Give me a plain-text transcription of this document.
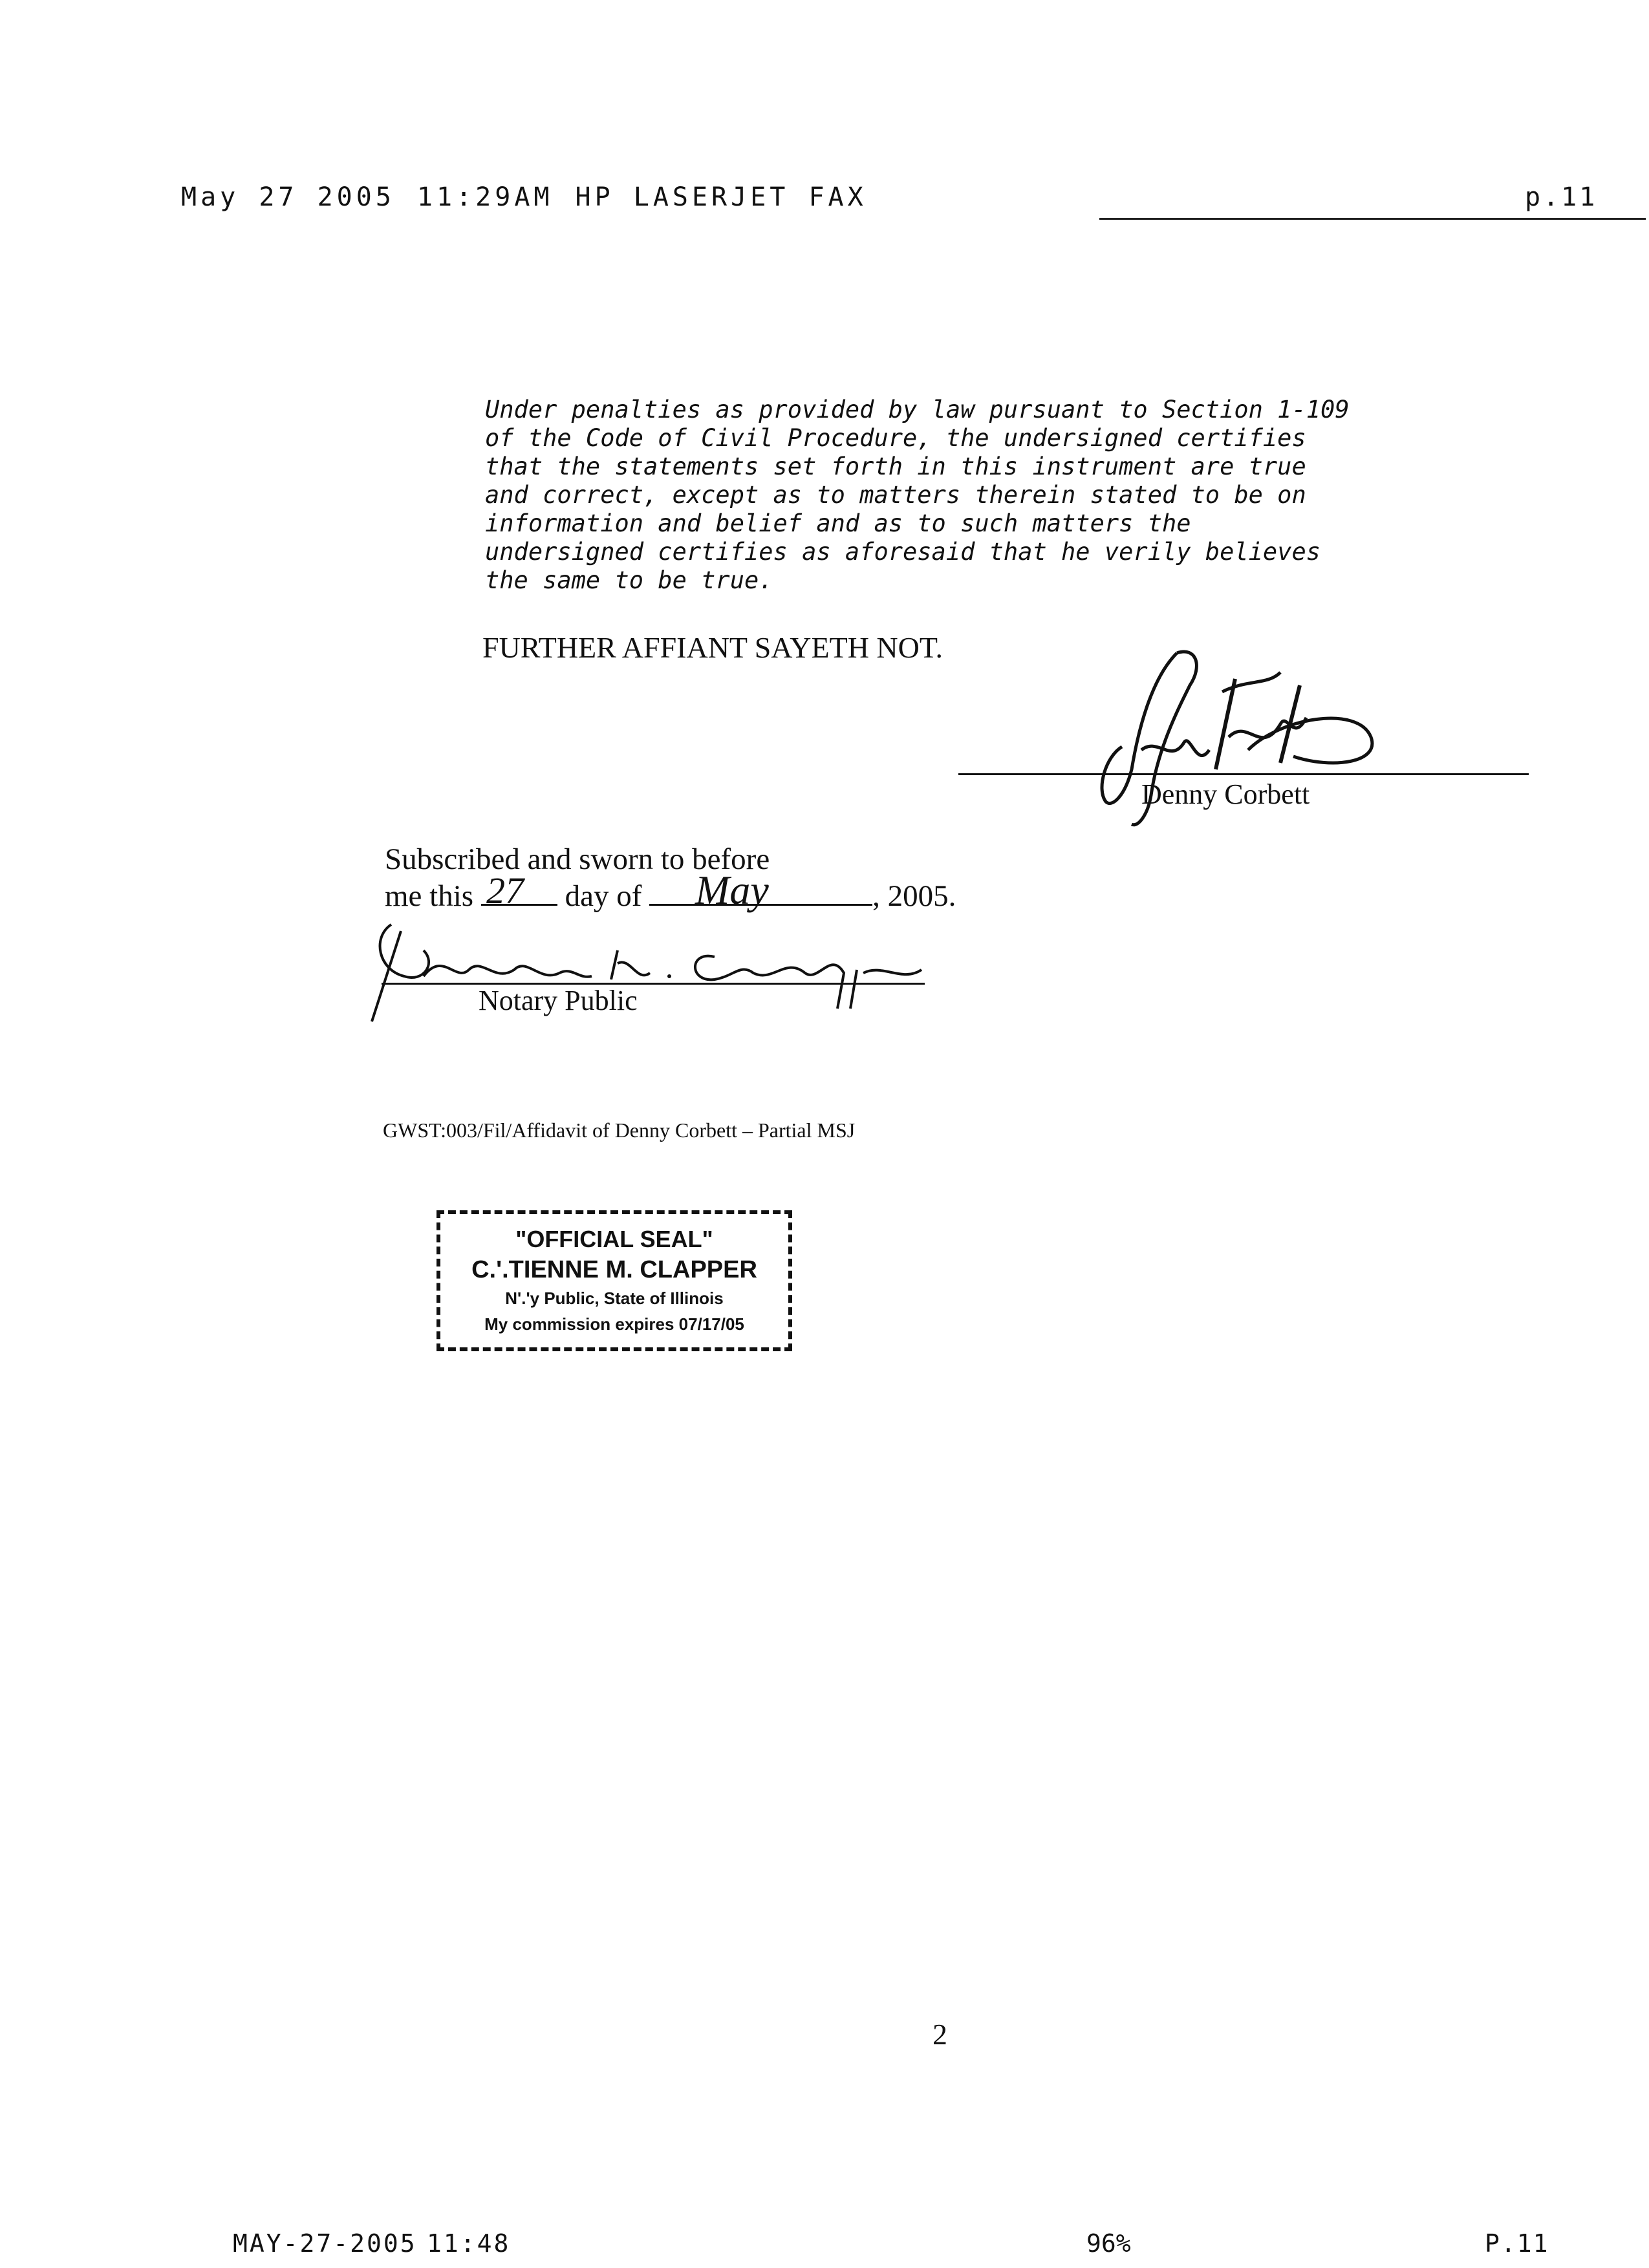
May 27 2005 11:29AM HP LASERJET FAX	p.11
Under penalties as provided by law pursuant to Section 1-109
of the Code of Civil Procedure, the undersigned certifies
that the statements set forth in this instrument are true
and correct, except as to matters therein stated to be on
information and belief and as to such matters the
undersigned certifies as aforesaid that he verily believes
the same to be true.
FURTHER AFFIANT SAYETH NOT.
Denny Corbett
Subscribed and sworn to before
me this	day of	, 2005.
27	May
Notary Public
GWST:003/Fil/Affidavit of Denny Corbett – Partial MSJ
"OFFICIAL SEAL"
C.'.TIENNE M. CLAPPER
N'.'y Public, State of Illinois
My commission expires 07/17/05
2
MAY-27-2005 11:48	96%	P.11
